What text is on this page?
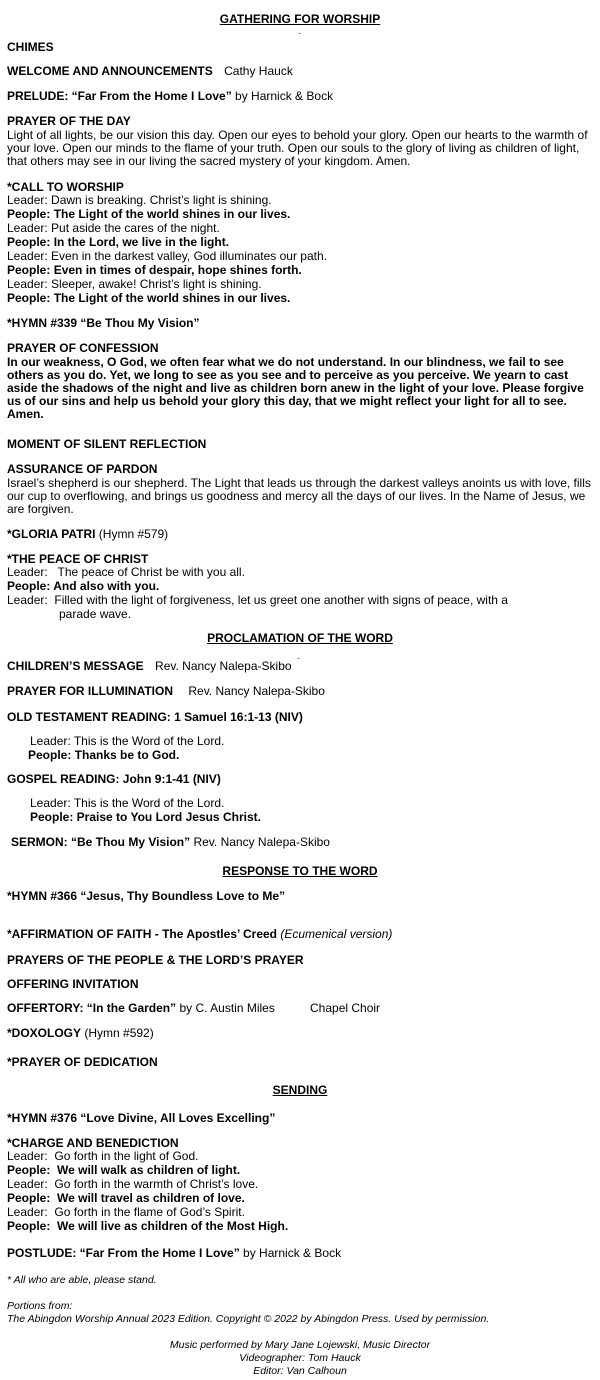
GATHERING FOR WORSHIP
-
CHIMES
WELCOME AND ANNOUNCEMENTS Cathy Hauck
PRELUDE: “Far From the Home I Love” by Harnick & Bock
PRAYER OF THE DAY
Light of all lights, be our vision this day. Open our eyes to behold your glory. Open our hearts to the warmth of your love. Open our minds to the flame of your truth. Open our souls to the glory of living as children of light, that others may see in our living the sacred mystery of your kingdom. Amen.
*CALL TO WORSHIP
Leader: Dawn is breaking. Christ’s light is shining.
People: The Light of the world shines in our lives.
Leader: Put aside the cares of the night.
People: In the Lord, we live in the light.
Leader: Even in the darkest valley, God illuminates our path.
People: Even in times of despair, hope shines forth.
Leader: Sleeper, awake! Christ’s light is shining.
People: The Light of the world shines in our lives.
*HYMN #339 “Be Thou My Vision”
PRAYER OF CONFESSION
In our weakness, O God, we often fear what we do not understand. In our blindness, we fail to see others as you do. Yet, we long to see as you see and to perceive as you perceive. We yearn to cast aside the shadows of the night and live as children born anew in the light of your love. Please forgive us of our sins and help us behold your glory this day, that we might reflect your light for all to see. Amen.
MOMENT OF SILENT REFLECTION
ASSURANCE OF PARDON
Israel’s shepherd is our shepherd. The Light that leads us through the darkest valleys anoints us with love, fills our cup to overflowing, and brings us goodness and mercy all the days of our lives. In the Name of Jesus, we are forgiven.
*GLORIA PATRI (Hymn #579)
*THE PEACE OF CHRIST
Leader: The peace of Christ be with you all.
People: And also with you.
Leader: Filled with the light of forgiveness, let us greet one another with signs of peace, with a
parade wave.
PROCLAMATION OF THE WORD
CHILDREN’S MESSAGE Rev. Nancy Nalepa-Skibo
-
PRAYER FOR ILLUMINATION Rev. Nancy Nalepa-Skibo
OLD TESTAMENT READING: 1 Samuel 16:1-13 (NIV)
Leader: This is the Word of the Lord.
People: Thanks be to God.
GOSPEL READING: John 9:1-41 (NIV)
Leader: This is the Word of the Lord.
People: Praise to You Lord Jesus Christ.
SERMON: “Be Thou My Vision” Rev. Nancy Nalepa-Skibo
RESPONSE TO THE WORD
*HYMN #366 “Jesus, Thy Boundless Love to Me”
*AFFIRMATION OF FAITH - The Apostles’ Creed (Ecumenical version)
PRAYERS OF THE PEOPLE & THE LORD’S PRAYER
OFFERING INVITATION
OFFERTORY: “In the Garden” by C. Austin Miles	Chapel Choir
*DOXOLOGY (Hymn #592)
*PRAYER OF DEDICATION
SENDING
*HYMN #376 “Love Divine, All Loves Excelling”
*CHARGE AND BENEDICTION
Leader: Go forth in the light of God.
People: We will walk as children of light.
Leader: Go forth in the warmth of Christ’s love.
People: We will travel as children of love.
Leader: Go forth in the flame of God’s Spirit.
People: We will live as children of the Most High.
POSTLUDE: “Far From the Home I Love” by Harnick & Bock
* All who are able, please stand.
Portions from:
The Abingdon Worship Annual 2023 Edition. Copyright © 2022 by Abingdon Press. Used by permission.
Music performed by Mary Jane Lojewski, Music Director
Videographer: Tom Hauck
Editor: Van Calhoun
